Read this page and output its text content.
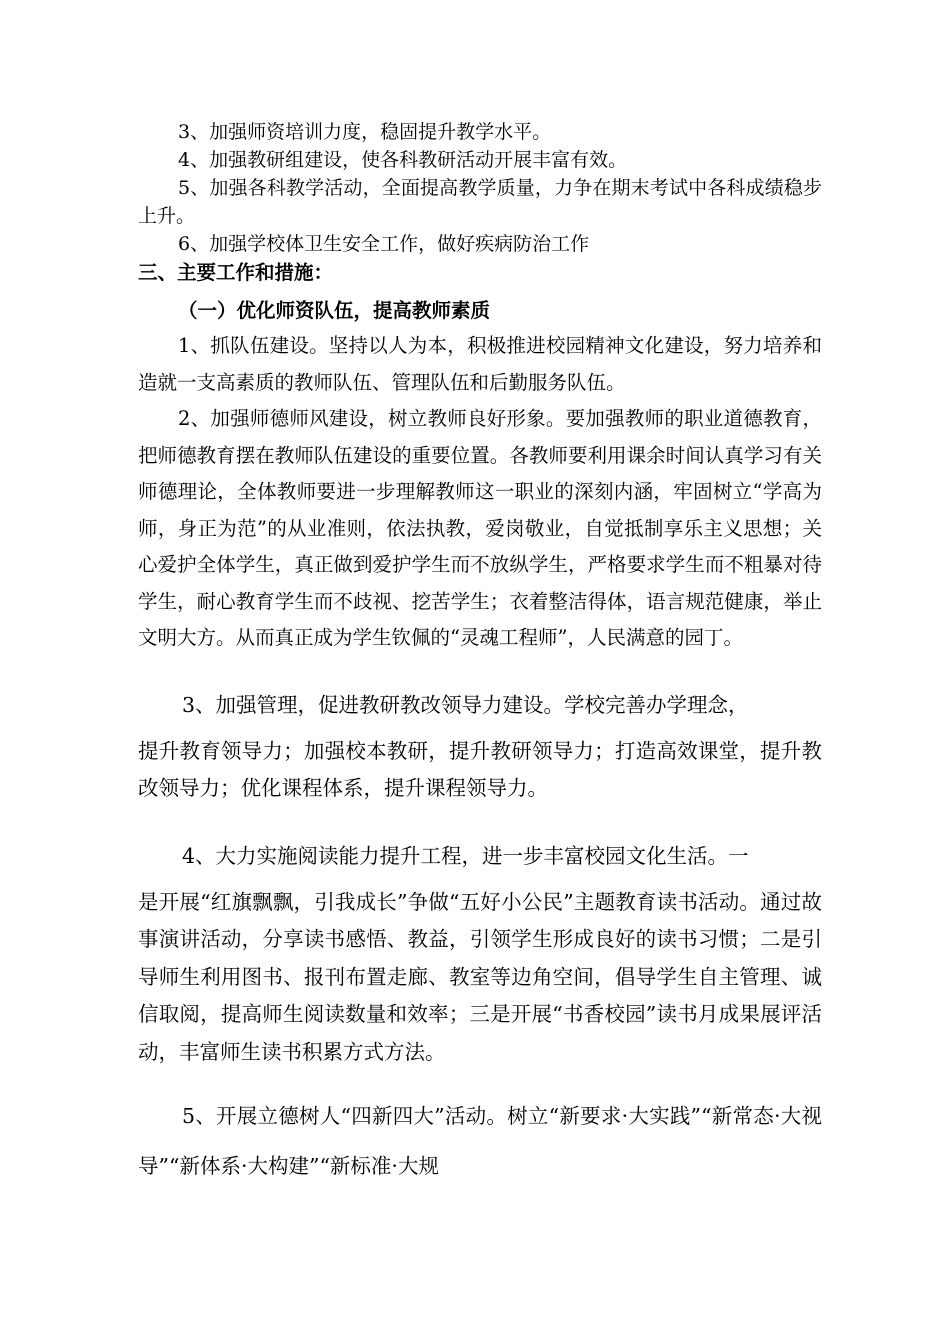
3、加强师资培训力度，稳固提升教学水平。

4、加强教研组建设，使各科教研活动开展丰富有效。

5、加强各科教学活动，全面提高教学质量，力争在期末考试中各科成绩稳步上升。

6、加强学校体卫生安全工作，做好疾病防治工作

三、主要工作和措施：

（一）优化师资队伍，提高教师素质

1、抓队伍建设。坚持以人为本，积极推进校园精神文化建设，努力培养和造就一支高素质的教师队伍、管理队伍和后勤服务队伍。

2、加强师德师风建设，树立教师良好形象。要加强教师的职业道德教育，把师德教育摆在教师队伍建设的重要位置。各教师要利用课余时间认真学习有关师德理论，全体教师要进一步理解教师这一职业的深刻内涵，牢固树立“学高为师，身正为范”的从业准则，依法执教，爱岗敬业，自觉抵制享乐主义思想；关心爱护全体学生，真正做到爱护学生而不放纵学生，严格要求学生而不粗暴对待学生，耐心教育学生而不歧视、挖苦学生；衣着整洁得体，语言规范健康，举止文明大方。从而真正成为学生钦佩的“灵魂工程师”，人民满意的园丁。

3、加强管理，促进教研教改领导力建设。学校完善办学理念，

提升教育领导力；加强校本教研，提升教研领导力；打造高效课堂，提升教改领导力；优化课程体系，提升课程领导力。

4、大力实施阅读能力提升工程，进一步丰富校园文化生活。一

是开展“红旗飘飘，引我成长”争做“五好小公民”主题教育读书活动。通过故事演讲活动，分享读书感悟、教益，引领学生形成良好的读书习惯；二是引导师生利用图书、报刊布置走廊、教室等边角空间，倡导学生自主管理、诚信取阅，提高师生阅读数量和效率；三是开展“书香校园”读书月成果展评活动，丰富师生读书积累方式方法。

5、开展立德树人“四新四大”活动。树立“新要求·大实践”“新常态·大视导”“新体系·大构建”“新标准·大规
